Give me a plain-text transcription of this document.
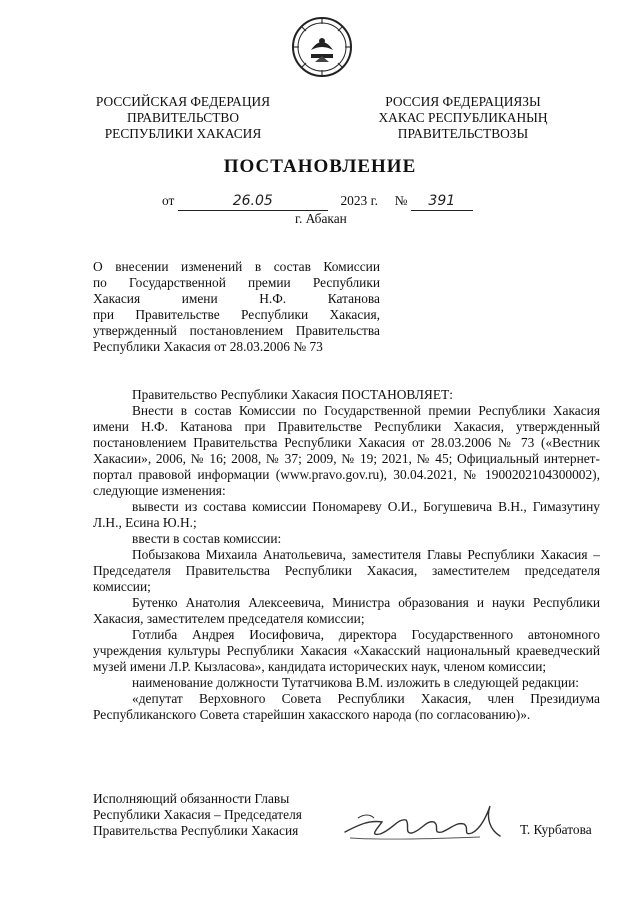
РОССИЙСКАЯ ФЕДЕРАЦИЯ
ПРАВИТЕЛЬСТВО
РЕСПУБЛИКИ ХАКАСИЯ
РОССИЯ ФЕДЕРАЦИЯЗЫ
ХАКАС РЕСПУБЛИКАНЫҢ
ПРАВИТЕЛЬСТВОЗЫ
ПОСТАНОВЛЕНИЕ
от	26.05	2023 г. № 391
г. Абакан
О внесении изменений в состав Комиссии
по Государственной премии Республики
Хакасия имени Н.Ф. Катанова
при Правительстве Республики Хакасия,
утвержденный постановлением Правительства
Республики Хакасия от 28.03.2006 № 73
Правительство Республики Хакасия ПОСТАНОВЛЯЕТ:
Внести в состав Комиссии по Государственной премии Республики Хакасия имени Н.Ф. Катанова при Правительстве Республики Хакасия, утвержденный постановлением Правительства Республики Хакасия от 28.03.2006 № 73 («Вестник Хакасии», 2006, № 16; 2008, № 37; 2009, № 19; 2021, № 45; Официальный интернет-портал правовой информации (www.pravo.gov.ru), 30.04.2021, № 1900202104300002), следующие изменения:
вывести из состава комиссии Пономареву О.И., Богушевича В.Н., Гимазутину Л.Н., Есина Ю.Н.;
ввести в состав комиссии:
Побызакова Михаила Анатольевича, заместителя Главы Республики Хакасия – Председателя Правительства Республики Хакасия, заместителем председателя комиссии;
Бутенко Анатолия Алексеевича, Министра образования и науки Республики Хакасия, заместителем председателя комиссии;
Готлиба Андрея Иосифовича, директора Государственного автономного учреждения культуры Республики Хакасия «Хакасский национальный краеведческий музей имени Л.Р. Кызласова», кандидата исторических наук, членом комиссии;
наименование должности Тутатчикова В.М. изложить в следующей редакции:
«депутат Верховного Совета Республики Хакасия, член Президиума Республиканского Совета старейшин хакасского народа (по согласованию)».
Исполняющий обязанности Главы
Республики Хакасия – Председателя
Правительства Республики Хакасия	Т. Курбатова
